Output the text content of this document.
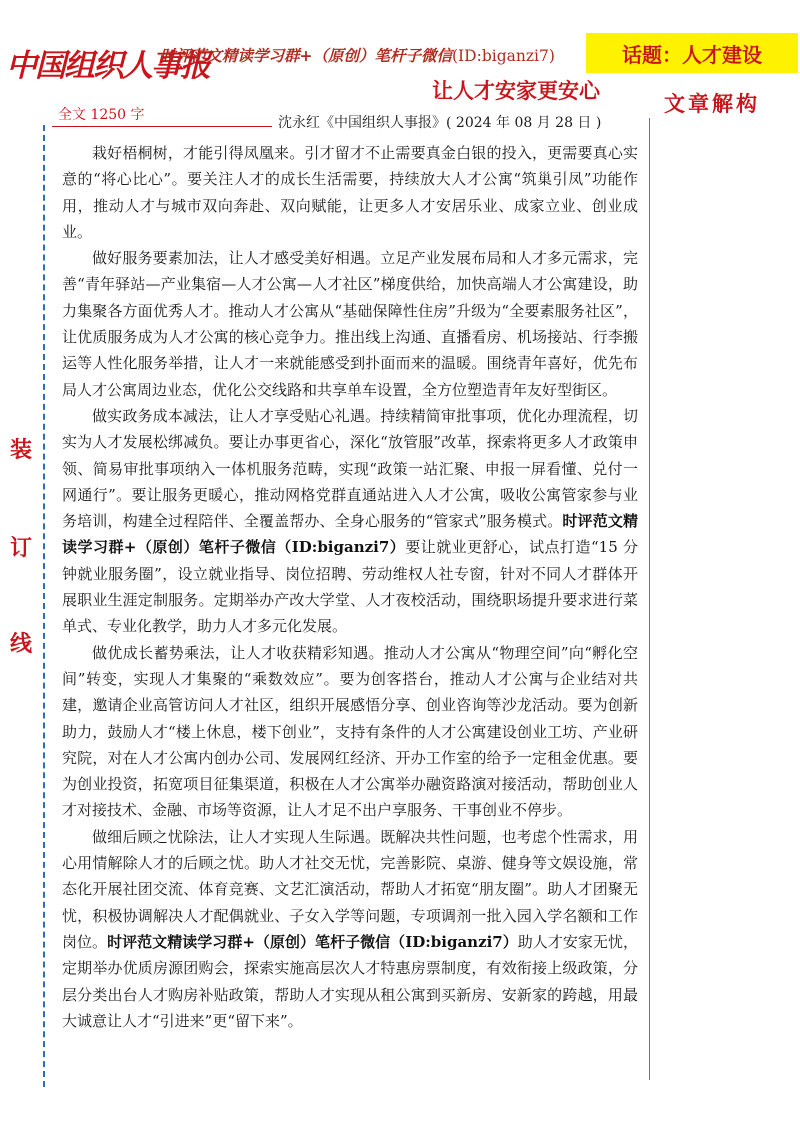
中国组织人事报
时评范文精读学习群+（原创）笔杆子微信(ID:biganzi7)	话题：人才建设
让人才安家更安心
全文 1250 字	沈永红《中国组织人事报》( 2024 年 08 月 28 日 )
文章解构
装
订
线

栽好梧桐树，才能引得凤凰来。引才留才不止需要真金白银的投入，更需要真心实意的“将心比心”。要关注人才的成长生活需要，持续放大人才公寓“筑巢引凤”功能作用，推动人才与城市双向奔赴、双向赋能，让更多人才安居乐业、成家立业、创业成业。

做好服务要素加法，让人才感受美好相遇。立足产业发展布局和人才多元需求，完善“青年驿站—产业集宿—人才公寓—人才社区”梯度供给，加快高端人才公寓建设，助力集聚各方面优秀人才。推动人才公寓从“基础保障性住房”升级为“全要素服务社区”，让优质服务成为人才公寓的核心竞争力。推出线上沟通、直播看房、机场接站、行李搬运等人性化服务举措，让人才一来就能感受到扑面而来的温暖。围绕青年喜好，优先布局人才公寓周边业态，优化公交线路和共享单车设置，全方位塑造青年友好型街区。

做实政务成本减法，让人才享受贴心礼遇。持续精简审批事项，优化办理流程，切实为人才发展松绑减负。要让办事更省心，深化“放管服”改革，探索将更多人才政策申领、简易审批事项纳入一体机服务范畴，实现“政策一站汇聚、申报一屏看懂、兑付一网通行”。要让服务更暖心，推动网格党群直通站进入人才公寓，吸收公寓管家参与业务培训，构建全过程陪伴、全覆盖帮办、全身心服务的“管家式”服务模式。时评范文精读学习群+（原创）笔杆子微信（ID:biganzi7）要让就业更舒心，试点打造“15 分钟就业服务圈”，设立就业指导、岗位招聘、劳动维权人社专窗，针对不同人才群体开展职业生涯定制服务。定期举办产改大学堂、人才夜校活动，围绕职场提升要求进行菜单式、专业化教学，助力人才多元化发展。

做优成长蓄势乘法，让人才收获精彩知遇。推动人才公寓从“物理空间”向“孵化空间”转变，实现人才集聚的“乘数效应”。要为创客搭台，推动人才公寓与企业结对共建，邀请企业高管访问人才社区，组织开展感悟分享、创业咨询等沙龙活动。要为创新助力，鼓励人才“楼上休息，楼下创业”，支持有条件的人才公寓建设创业工坊、产业研究院，对在人才公寓内创办公司、发展网红经济、开办工作室的给予一定租金优惠。要为创业投资，拓宽项目征集渠道，积极在人才公寓举办融资路演对接活动，帮助创业人才对接技术、金融、市场等资源，让人才足不出户享服务、干事创业不停步。

做细后顾之忧除法，让人才实现人生际遇。既解决共性问题，也考虑个性需求，用心用情解除人才的后顾之忧。助人才社交无忧，完善影院、桌游、健身等文娱设施，常态化开展社团交流、体育竞赛、文艺汇演活动，帮助人才拓宽“朋友圈”。助人才团聚无忧，积极协调解决人才配偶就业、子女入学等问题，专项调剂一批入园入学名额和工作岗位。时评范文精读学习群+（原创）笔杆子微信（ID:biganzi7）助人才安家无忧，定期举办优质房源团购会，探索实施高层次人才特惠房票制度，有效衔接上级政策，分层分类出台人才购房补贴政策，帮助人才实现从租公寓到买新房、安新家的跨越，用最大诚意让人才“引进来”更“留下来”。
